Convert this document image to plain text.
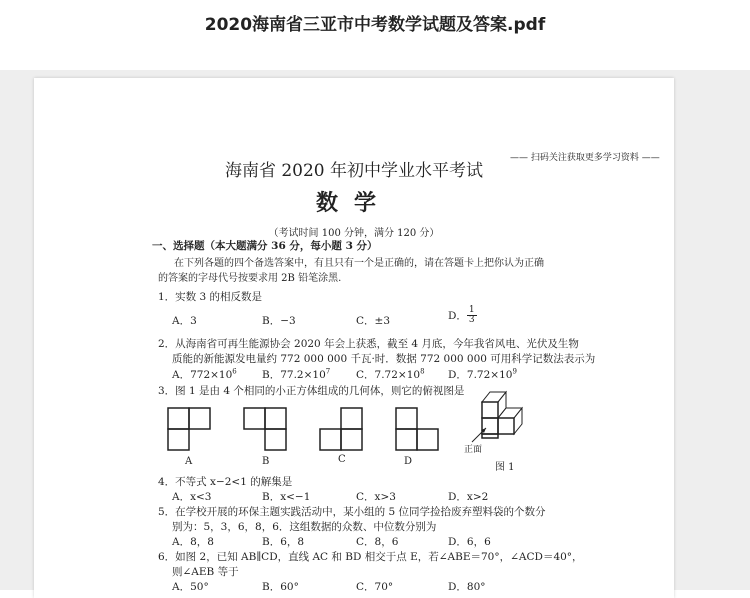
2020海南省三亚市中考数学试题及答案.pdf
—— 扫码关注获取更多学习资料 ——
海南省 2020 年初中学业水平考试
数学
（考试时间 100 分钟，满分 120 分）
一、选择题（本大题满分 36 分，每小题 3 分）
在下列各题的四个备选答案中，有且只有一个是正确的，请在答题卡上把你认为正确
的答案的字母代号按要求用 2B 铅笔涂黑.
1．实数 3 的相反数是
A．3	B．−3	C．±3	D． $\frac{1}{3}$
2．从海南省可再生能源协会 2020 年会上获悉，截至 4 月底，今年我省风电、光伏及生物
质能的新能源发电量约 772 000 000 千瓦·时．数据 772 000 000 可用科学记数法表示为
A．$772\times 10^6$ B．$77.2\times 10^7$ C．$7.72\times 10^8$ D．$7.72\times 10^9$
3．图 1 是由 4 个相同的小正方体组成的几何体，则它的俯视图是
A	B	C	D
正面
图 1
4．不等式 x−2<1 的解集是
A．x<3	B．x<−1	C．x>3	D．x>2
5．在学校开展的环保主题实践活动中，某小组的 5 位同学捡拾废弃塑料袋的个数分
别为：5，3，6，8，6．这组数据的众数、中位数分别为
A．8，8	B．6，8	C．8，6	D．6，6
6．如图 2，已知 AB∥CD，直线 AC 和 BD 相交于点 E，若∠ABE＝70°，∠ACD＝40°，
则∠AEB 等于
A．50°	B．60°	C．70°	D．80°
